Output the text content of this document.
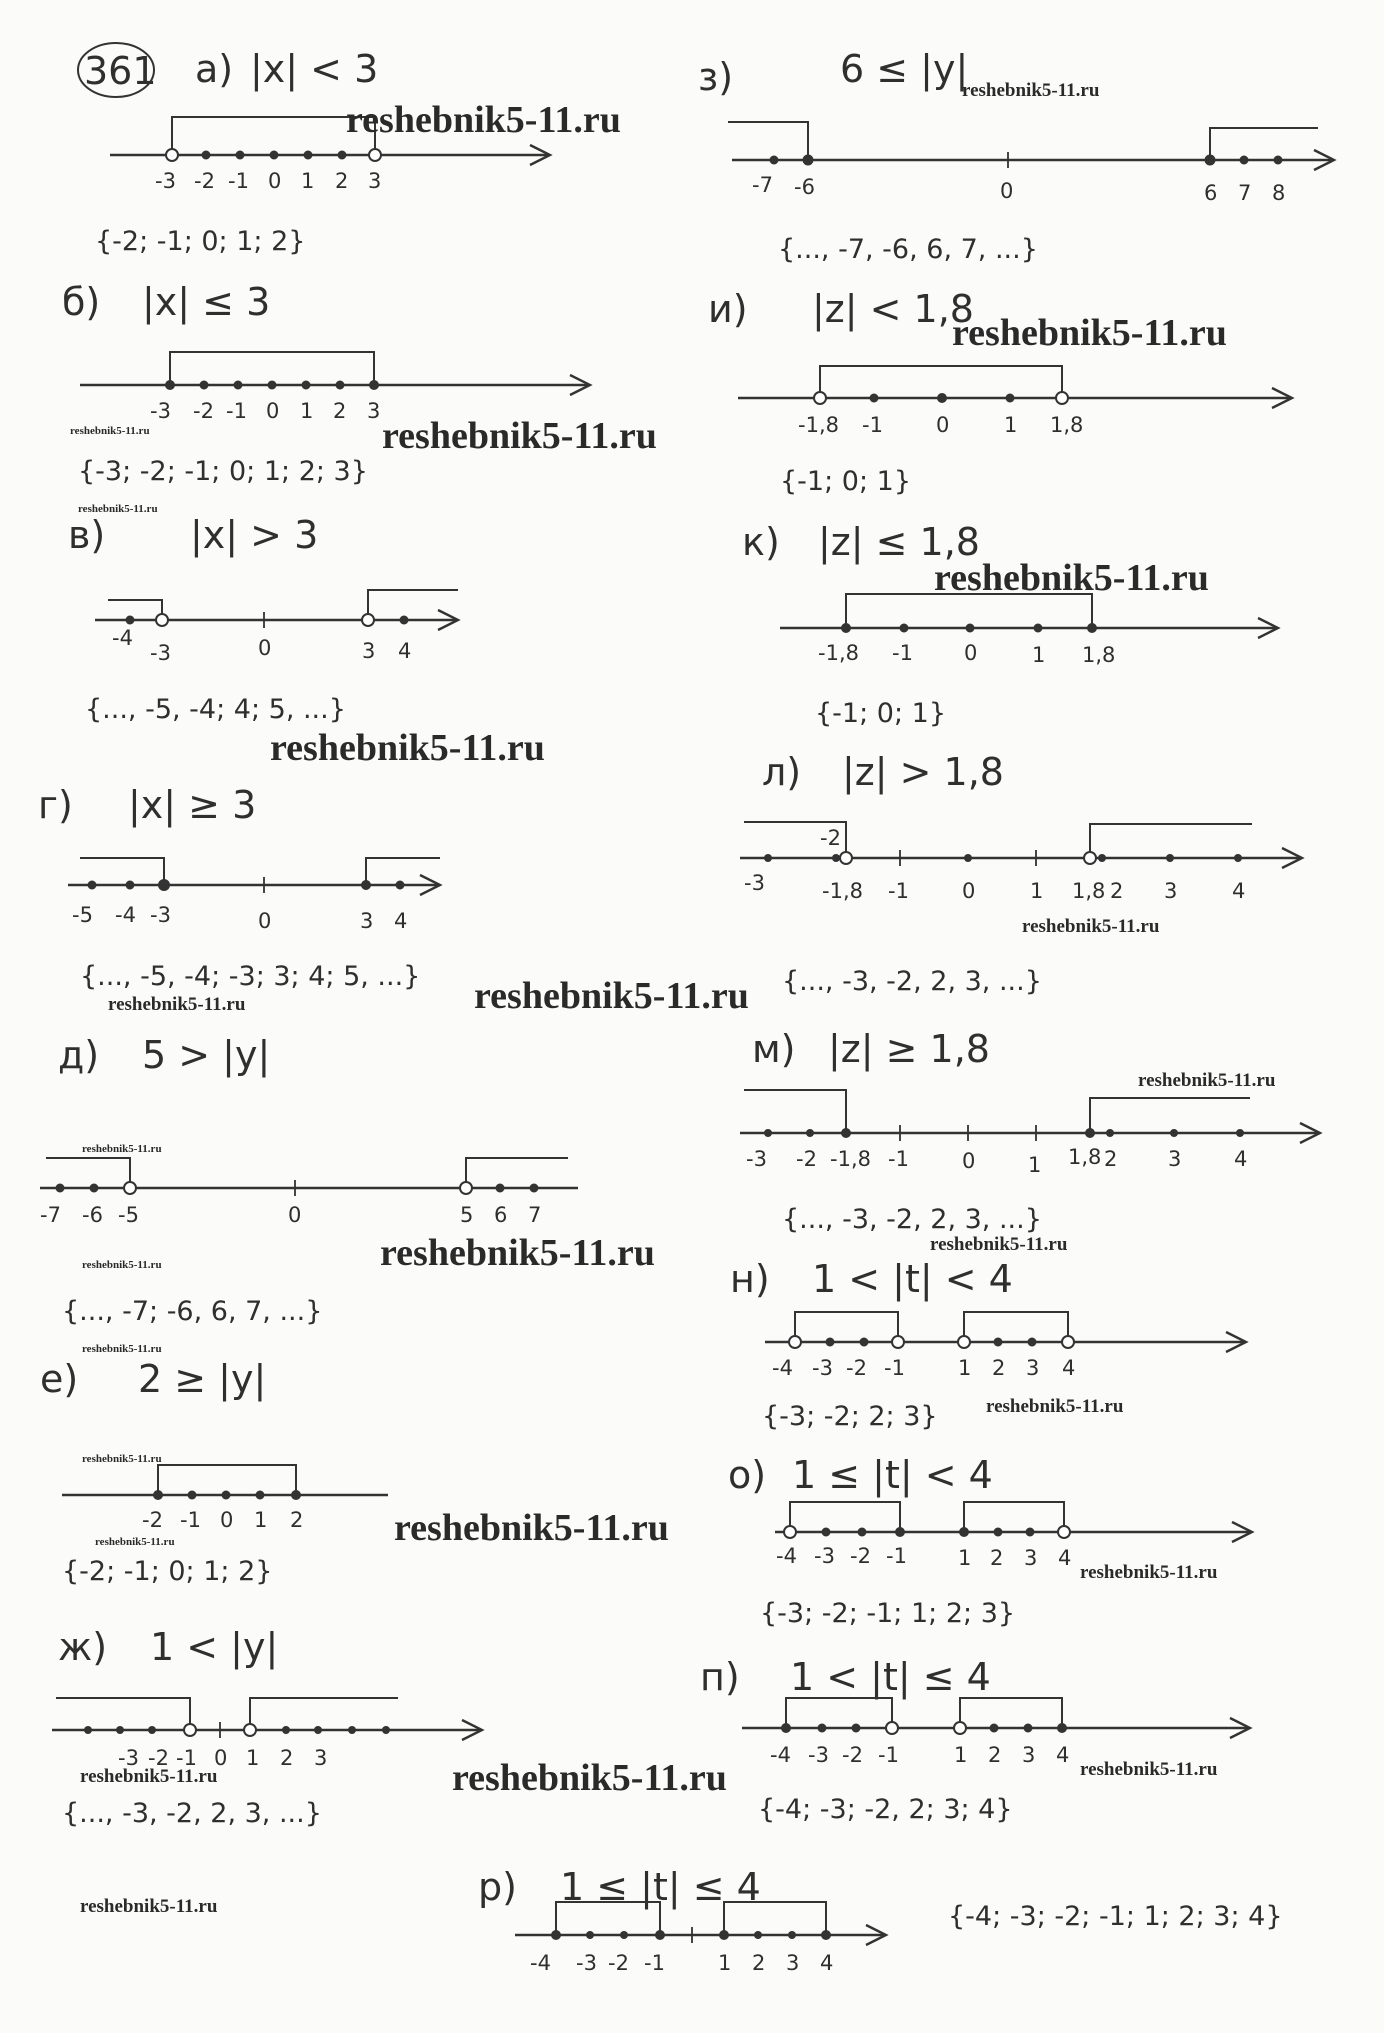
361 а) |x| < 3
-3 -2 -1 0 1 2 3
{-2; -1; 0; 1; 2}
б) |x| ≤ 3
-3 -2 -1 0 1 2 3
{-3; -2; -1; 0; 1; 2; 3}
в) |x| > 3
-4
-3	0	3 4
{..., -5, -4; 4; 5, ...}
г) |x| ≥ 3
-5 -4 -3	0	3 4
{..., -5, -4; -3; 3; 4; 5, ...}
д) 5 > |y|
-7 -6 -5	0	5 6 7
{..., -7; -6, 6, 7, ...}
е) 2 ≥ |y|
-2 -1 0 1 2
{-2; -1; 0; 1; 2}
ж) 1 < |y|
-3 -2 -1 0 1 2 3
{..., -3, -2, 2, 3, ...}
з)	6 ≤ |y|
-7 -6	0	6 7 8
{..., -7, -6, 6, 7, ...}
и) |z| < 1,8
-1,8 -1	0	1 1,8
{-1; 0; 1}
к) |z| ≤ 1,8
-1,8 -1 0	1 1,8
{-1; 0; 1}
л) |z| > 1,8
-3
-2
-1,8 -1	0	1 1,8 2 3	4
{..., -3, -2, 2, 3, ...}
м) |z| ≥ 1,8
-3 -2 -1,8 -1	0	1 1,8 2 3	4
{..., -3, -2, 2, 3, ...}
н) 1 < |t| < 4
-4 -3 -2 -1	1 2 3 4
{-3; -2; 2; 3}
о) 1 ≤ |t| < 4
-4 -3 -2 -1 1 2 3 4
{-3; -2; -1; 1; 2; 3}
п) 1 < |t| ≤ 4
-4 -3 -2 -1	1 2 3 4
{-4; -3; -2, 2; 3; 4}
р) 1 ≤ |t| ≤ 4
-4 -3 -2 -1	1 2 3 4
{-4; -3; -2; -1; 1; 2; 3; 4}
reshebnik5-11.ru
reshebnik5-11.ru
reshebnik5-11.ru
reshebnik5-11.ru
reshebnik5-11.ru
reshebnik5-11.ru
reshebnik5-11.ru
reshebnik5-11.ru
reshebnik5-11.ru
reshebnik5-11.ru
reshebnik5-11.ru
reshebnik5-11.ru
reshebnik5-11.ru
reshebnik5-11.ru	reshebnik5-11.ru
reshebnik5-11.ru
reshebnik5-11.ru
reshebnik5-11.ru
reshebnik5-11.ru
reshebnik5-11.ru
reshebnik5-11.ru
reshebnik5-11.ru
reshebnik5-11.ru	reshebnik5-11.ru	reshebnik5-11.ru
reshebnik5-11.ru
